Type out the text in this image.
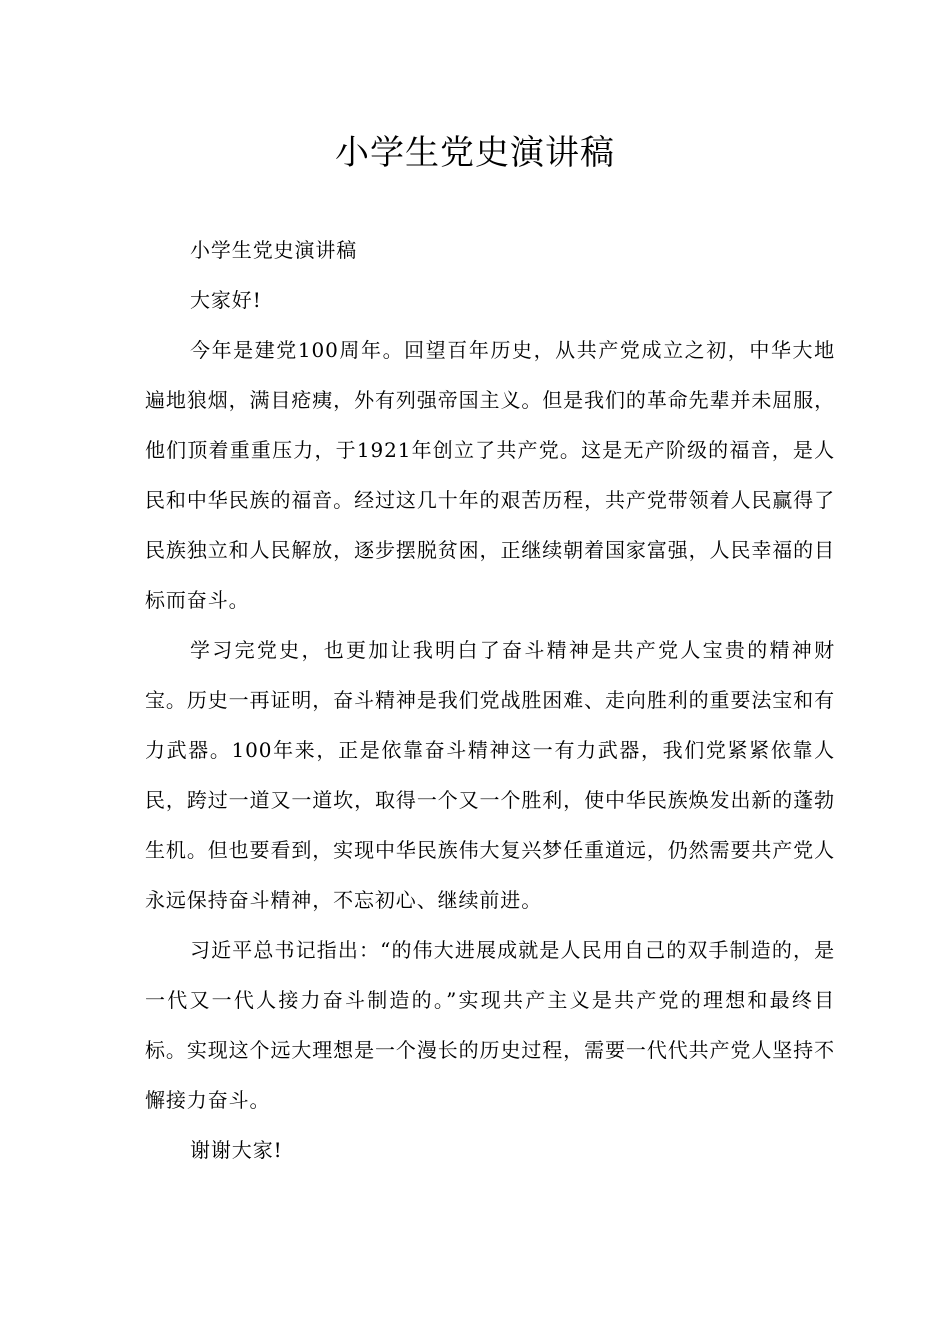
小学生党史演讲稿

小学生党史演讲稿

大家好!

今年是建党100周年。回望百年历史，从共产党成立之初，中华大地遍地狼烟，满目疮痍，外有列强帝国主义。但是我们的革命先辈并未屈服，他们顶着重重压力，于1921年创立了共产党。这是无产阶级的福音，是人民和中华民族的福音。经过这几十年的艰苦历程，共产党带领着人民赢得了民族独立和人民解放，逐步摆脱贫困，正继续朝着国家富强，人民幸福的目标而奋斗。

学习完党史，也更加让我明白了奋斗精神是共产党人宝贵的精神财宝。历史一再证明，奋斗精神是我们党战胜困难、走向胜利的重要法宝和有力武器。100年来，正是依靠奋斗精神这一有力武器，我们党紧紧依靠人民，跨过一道又一道坎，取得一个又一个胜利，使中华民族焕发出新的蓬勃生机。但也要看到，实现中华民族伟大复兴梦任重道远，仍然需要共产党人永远保持奋斗精神，不忘初心、继续前进。

习近平总书记指出：“的伟大进展成就是人民用自己的双手制造的，是一代又一代人接力奋斗制造的。”实现共产主义是共产党的理想和最终目标。实现这个远大理想是一个漫长的历史过程，需要一代代共产党人坚持不懈接力奋斗。

谢谢大家!
